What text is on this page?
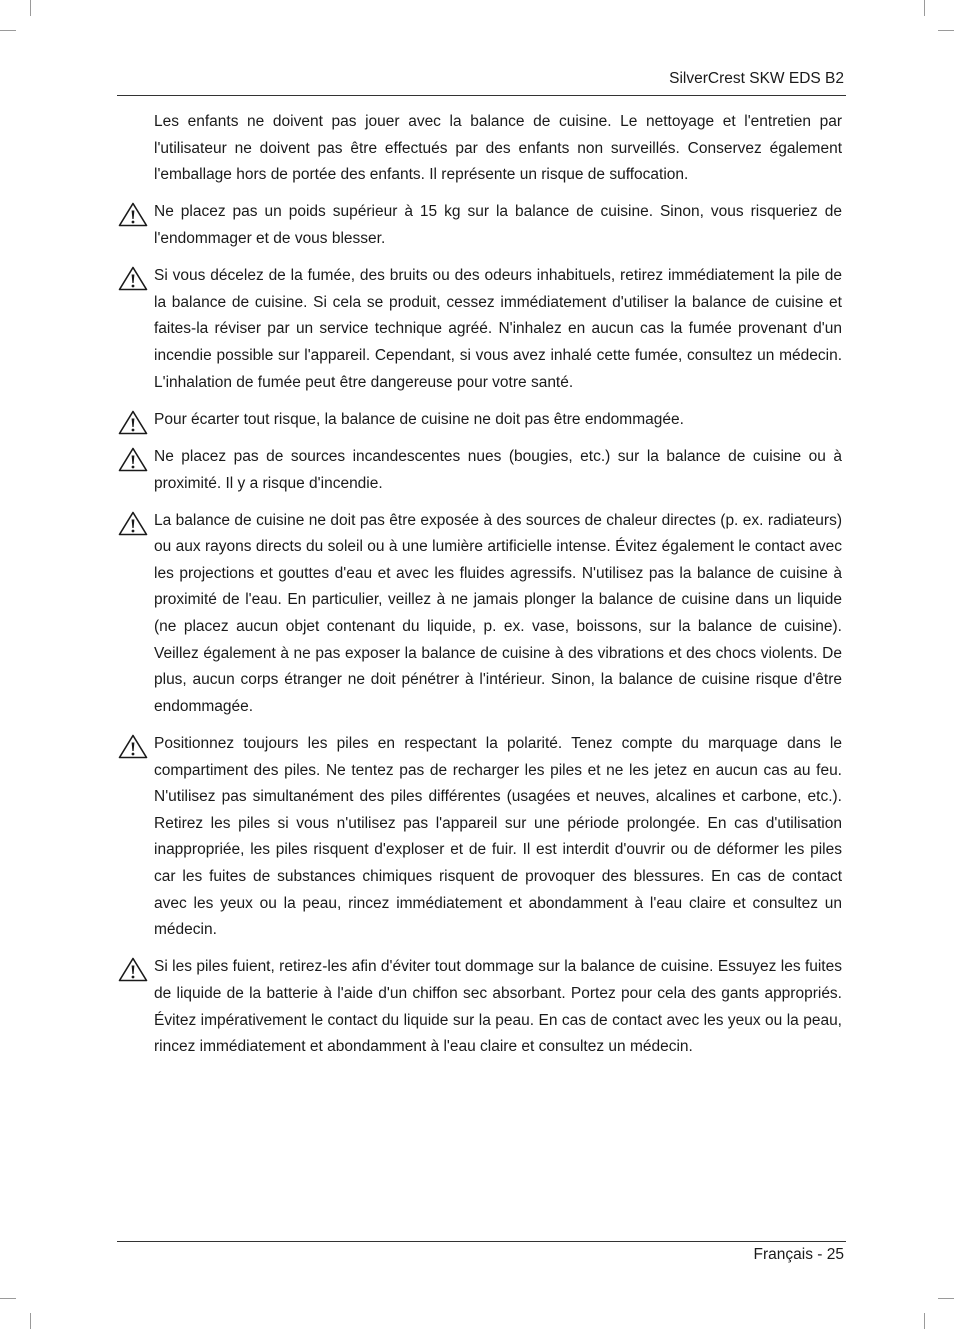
SilverCrest SKW EDS B2
Les enfants ne doivent pas jouer avec la balance de cuisine. Le nettoyage et l'entretien par l'utilisateur ne doivent pas être effectués par des enfants non surveillés. Conservez également l'emballage hors de portée des enfants. Il représente un risque de suffocation.
Ne placez pas un poids supérieur à 15 kg sur la balance de cuisine. Sinon, vous risqueriez de l'endommager et de vous blesser.
Si vous décelez de la fumée, des bruits ou des odeurs inhabituels, retirez immédiatement la pile de la balance de cuisine. Si cela se produit, cessez immédiatement d'utiliser la balance de cuisine et faites-la réviser par un service technique agréé. N'inhalez en aucun cas la fumée provenant d'un incendie possible sur l'appareil. Cependant, si vous avez inhalé cette fumée, consultez un médecin. L'inhalation de fumée peut être dangereuse pour votre santé.
Pour écarter tout risque, la balance de cuisine ne doit pas être endommagée.
Ne placez pas de sources incandescentes nues (bougies, etc.) sur la balance de cuisine ou à proximité. Il y a risque d'incendie.
La balance de cuisine ne doit pas être exposée à des sources de chaleur directes (p. ex. radiateurs) ou aux rayons directs du soleil ou à une lumière artificielle intense. Évitez également le contact avec les projections et gouttes d'eau et avec les fluides agressifs. N'utilisez pas la balance de cuisine à proximité de l'eau. En particulier, veillez à ne jamais plonger la balance de cuisine dans un liquide (ne placez aucun objet contenant du liquide, p. ex. vase, boissons, sur la balance de cuisine). Veillez également à ne pas exposer la balance de cuisine à des vibrations et des chocs violents. De plus, aucun corps étranger ne doit pénétrer à l'intérieur. Sinon, la balance de cuisine risque d'être endommagée.
Positionnez toujours les piles en respectant la polarité. Tenez compte du marquage dans le compartiment des piles. Ne tentez pas de recharger les piles et ne les jetez en aucun cas au feu. N'utilisez pas simultanément des piles différentes (usagées et neuves, alcalines et carbone, etc.). Retirez les piles si vous n'utilisez pas l'appareil sur une période prolongée. En cas d'utilisation inappropriée, les piles risquent d'exploser et de fuir. Il est interdit d'ouvrir ou de déformer les piles car les fuites de substances chimiques risquent de provoquer des blessures. En cas de contact avec les yeux ou la peau, rincez immédiatement et abondamment à l'eau claire et consultez un médecin.
Si les piles fuient, retirez-les afin d'éviter tout dommage sur la balance de cuisine. Essuyez les fuites de liquide de la batterie à l'aide d'un chiffon sec absorbant. Portez pour cela des gants appropriés. Évitez impérativement le contact du liquide sur la peau. En cas de contact avec les yeux ou la peau, rincez immédiatement et abondamment à l'eau claire et consultez un médecin.
Français - 25
